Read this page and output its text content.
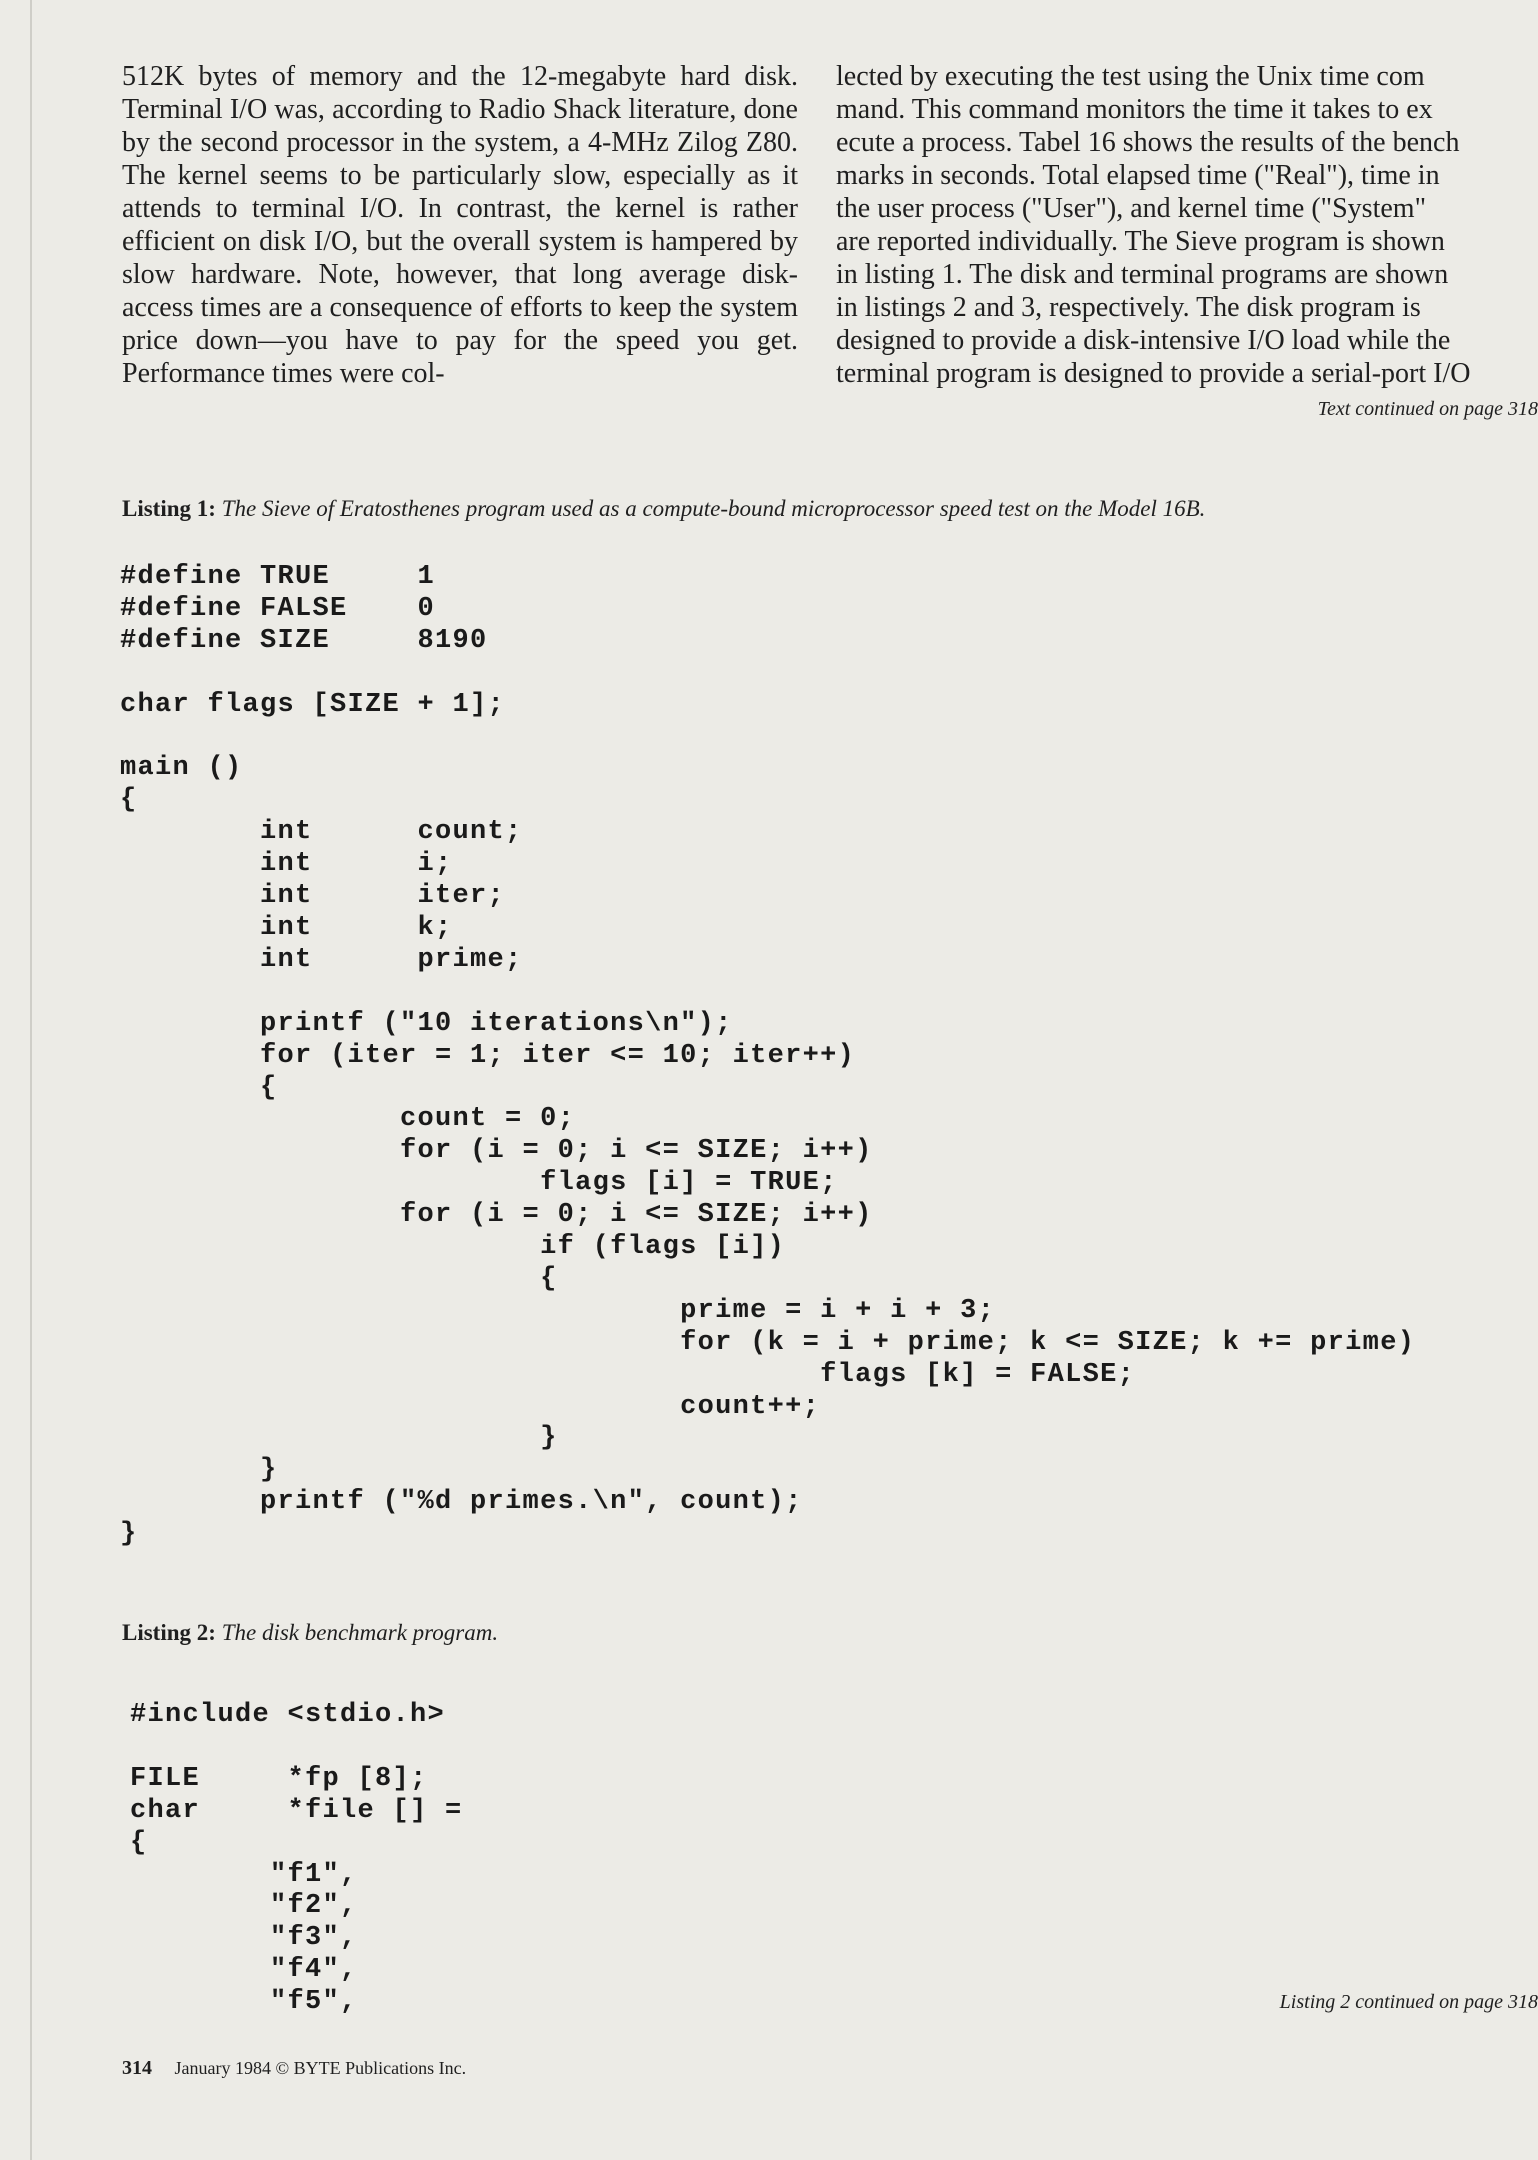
512K bytes of memory and the 12-megabyte hard disk. Terminal I/O was, according to Radio Shack literature, done by the second processor in the system, a 4-MHz Zilog Z80. The kernel seems to be particularly slow, especially as it attends to terminal I/O. In contrast, the kernel is rather efficient on disk I/O, but the overall system is hampered by slow hardware. Note, however, that long average disk-access times are a consequence of efforts to keep the system price down—you have to pay for the speed you get. Performance times were col-

lected by executing the test using the Unix time com

mand. This command monitors the time it takes to ex

ecute a process. Tabel 16 shows the results of the bench

marks in seconds. Total elapsed time ("Real"), time in

the user process ("User"), and kernel time ("System"

are reported individually. The Sieve program is shown

in listing 1. The disk and terminal programs are shown

in listings 2 and 3, respectively. The disk program is

designed to provide a disk-intensive I/O load while the

terminal program is designed to provide a serial-port I/O

Text continued on page 318
Listing 1: The Sieve of Eratosthenes program used as a compute-bound microprocessor speed test on the Model 16B.
#define TRUE     1
#define FALSE    0
#define SIZE     8190

char flags [SIZE + 1];

main ()
{
int      count;
int      i;
int      iter;
int      k;
int      prime;

printf ("10 iterations\n");
for (iter = 1; iter <= 10; iter++)
{
count = 0;
for (i = 0; i <= SIZE; i++)
flags [i] = TRUE;
for (i = 0; i <= SIZE; i++)
if (flags [i])
{
prime = i + i + 3;
for (k = i + prime; k <= SIZE; k += prime)
flags [k] = FALSE;
count++;
}
}
printf ("%d primes.\n", count);
}
Listing 2: The disk benchmark program.
#include <stdio.h>

FILE     *fp [8];
char     *file [] =
{
"f1",
"f2",
"f3",
"f4",
"f5",	Listing 2 continued on page 318
314 January 1984 © BYTE Publications Inc.
